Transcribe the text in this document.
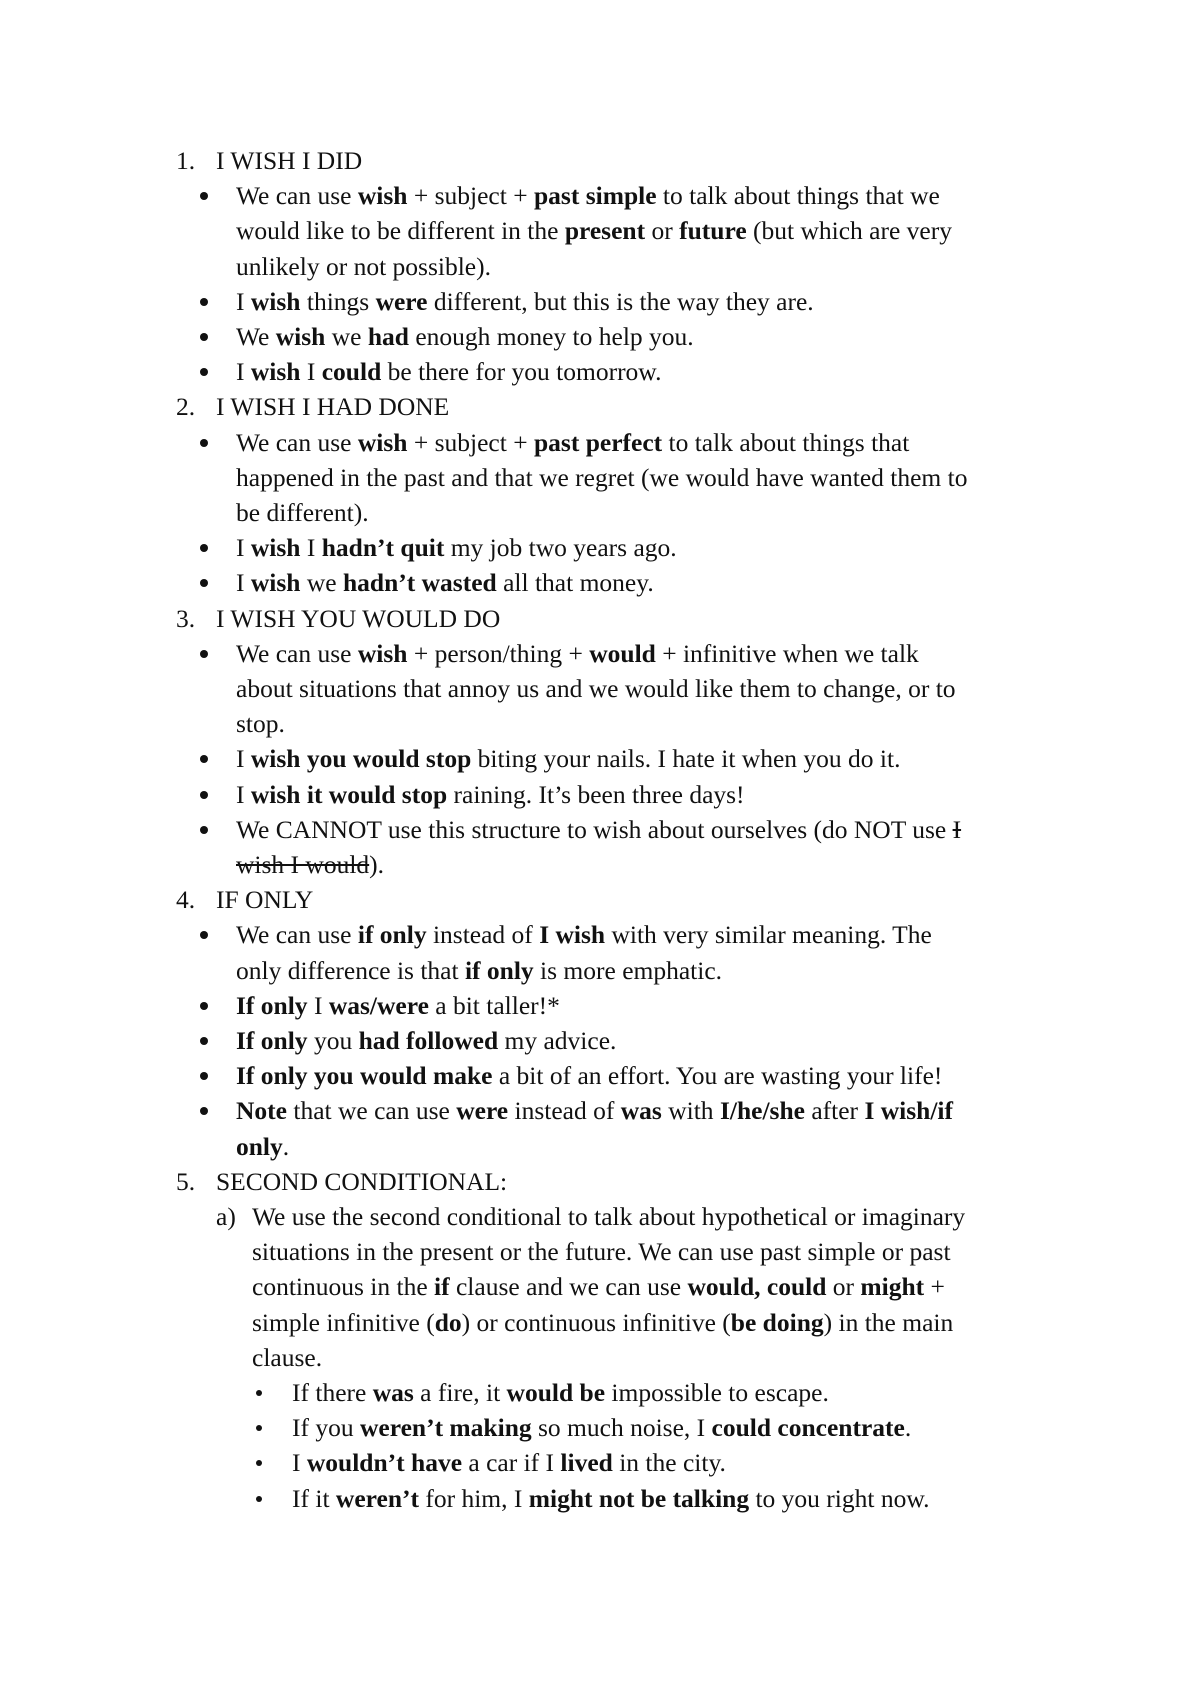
1. I WISH I DID
We can use wish + subject + past simple to talk about things that we
would like to be different in the present or future (but which are very
unlikely or not possible).
I wish things were different, but this is the way they are.
We wish we had enough money to help you.
I wish I could be there for you tomorrow.
2. I WISH I HAD DONE
We can use wish + subject + past perfect to talk about things that
happened in the past and that we regret (we would have wanted them to
be different).
I wish I hadn’t quit my job two years ago.
I wish we hadn’t wasted all that money.
3. I WISH YOU WOULD DO
We can use wish + person/thing + would + infinitive when we talk
about situations that annoy us and we would like them to change, or to
stop.
I wish you would stop biting your nails. I hate it when you do it.
I wish it would stop raining. It’s been three days!
We CANNOT use this structure to wish about ourselves (do NOT use I
wish I would).
4. IF ONLY
We can use if only instead of I wish with very similar meaning. The
only difference is that if only is more emphatic.
If only I was/were a bit taller!*
If only you had followed my advice.
If only you would make a bit of an effort. You are wasting your life!
Note that we can use were instead of was with I/he/she after I wish/if
only.
5. SECOND CONDITIONAL:
a) We use the second conditional to talk about hypothetical or imaginary
situations in the present or the future. We can use past simple or past
continuous in the if clause and we can use would, could or might +
simple infinitive (do) or continuous infinitive (be doing) in the main
clause.
If there was a fire, it would be impossible to escape.
If you weren’t making so much noise, I could concentrate.
I wouldn’t have a car if I lived in the city.
If it weren’t for him, I might not be talking to you right now.
